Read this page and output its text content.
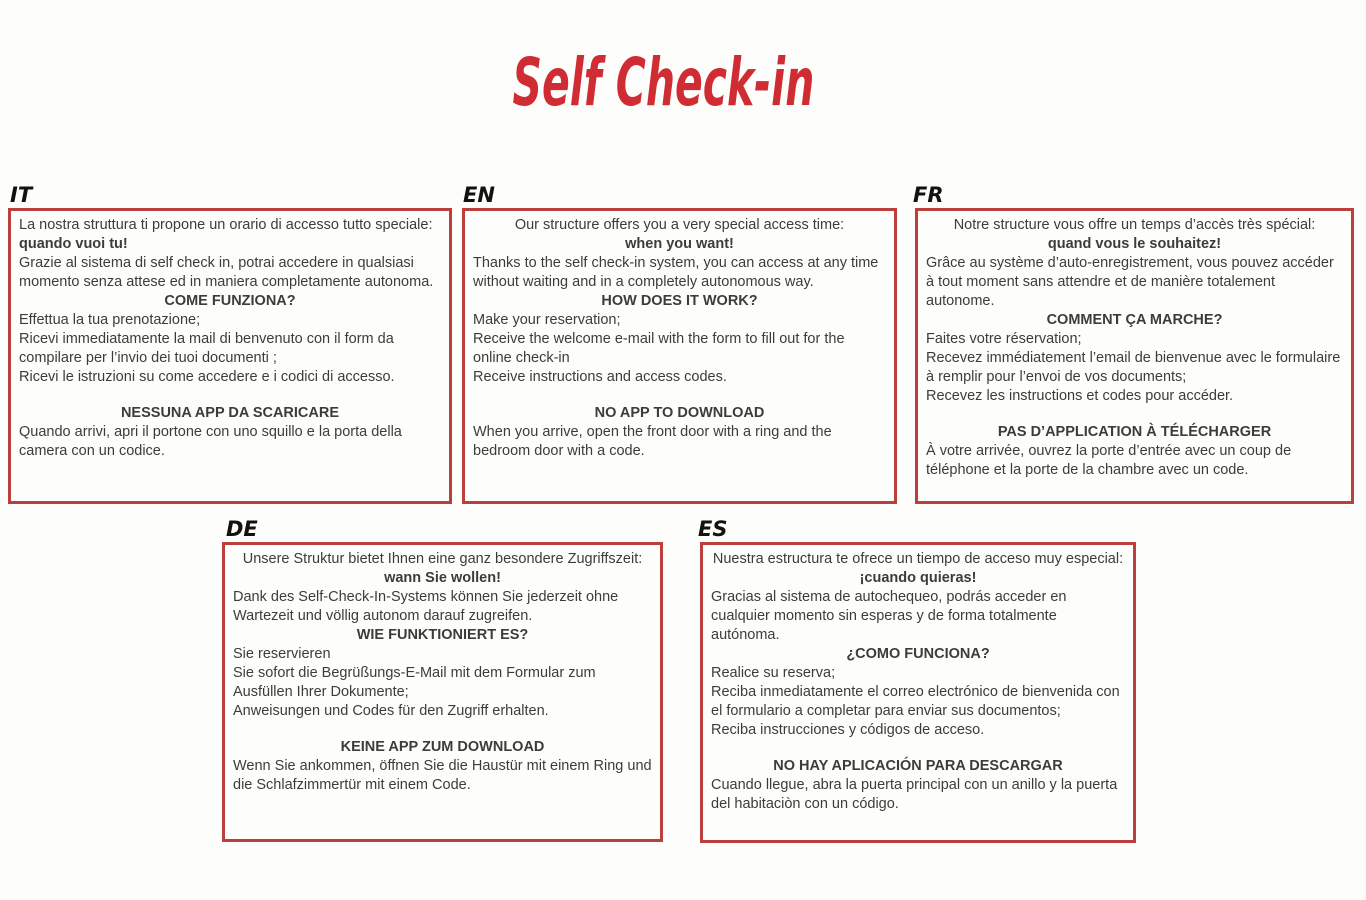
Self Check-in
IT

La nostra struttura ti propone un orario di accesso tutto speciale:
quando vuoi tu!

Grazie al sistema di self check in, potrai accedere in qualsiasi momento senza attese ed in maniera completamente autonoma.

COME FUNZIONA?

Effettua la tua prenotazione;
Ricevi immediatamente la mail di benvenuto con il form da compilare per l’invio dei tuoi documenti ;
Ricevi le istruzioni su come accedere e i codici di accesso.

NESSUNA APP DA SCARICARE

Quando arrivi, apri il portone con uno squillo e la porta della camera con un codice.

EN

Our structure offers you a very special access time:
when you want!

Thanks to the self check-in system, you can access at any time without waiting and in a completely autonomous way.

HOW DOES IT WORK?

Make your reservation;
Receive the welcome e-mail with the form to fill out for the online check-in
Receive instructions and access codes.

NO APP TO DOWNLOAD

When you arrive, open the front door with a ring and the bedroom door with a code.

FR

Notre structure vous offre un temps d’accès très spécial:
quand vous le souhaitez!

Grâce au système d’auto-enregistrement, vous pouvez accéder à tout moment sans attendre et de manière totalement autonome.

COMMENT ÇA MARCHE?

Faites votre réservation;
Recevez immédiatement l’email de bienvenue avec le formulaire à remplir pour l’envoi de vos documents;
Recevez les instructions et codes pour accéder.

PAS D’APPLICATION À TÉLÉCHARGER

À votre arrivée, ouvrez la porte d’entrée avec un coup de téléphone et la porte de la chambre avec un code.

DE

Unsere Struktur bietet Ihnen eine ganz besondere Zugriffszeit:
wann Sie wollen!

Dank des Self-Check-In-Systems können Sie jederzeit ohne Wartezeit und völlig autonom darauf zugreifen.

WIE FUNKTIONIERT ES?

Sie reservieren
Sie sofort die Begrüßungs-E-Mail mit dem Formular zum Ausfüllen Ihrer Dokumente;
Anweisungen und Codes für den Zugriff erhalten.

KEINE APP ZUM DOWNLOAD

Wenn Sie ankommen, öffnen Sie die Haustür mit einem Ring und die Schlafzimmertür mit einem Code.

ES

Nuestra estructura te ofrece un tiempo de acceso muy especial:
¡cuando quieras!

Gracias al sistema de autochequeo, podrás acceder en cualquier momento sin esperas y de forma totalmente autónoma.

¿COMO FUNCIONA?

Realice su reserva;
Reciba inmediatamente el correo electrónico de bienvenida con el formulario a completar para enviar sus documentos;
Reciba instrucciones y códigos de acceso.

NO HAY APLICACIÓN PARA DESCARGAR

Cuando llegue, abra la puerta principal con un anillo y la puerta del habitaciòn con un código.
